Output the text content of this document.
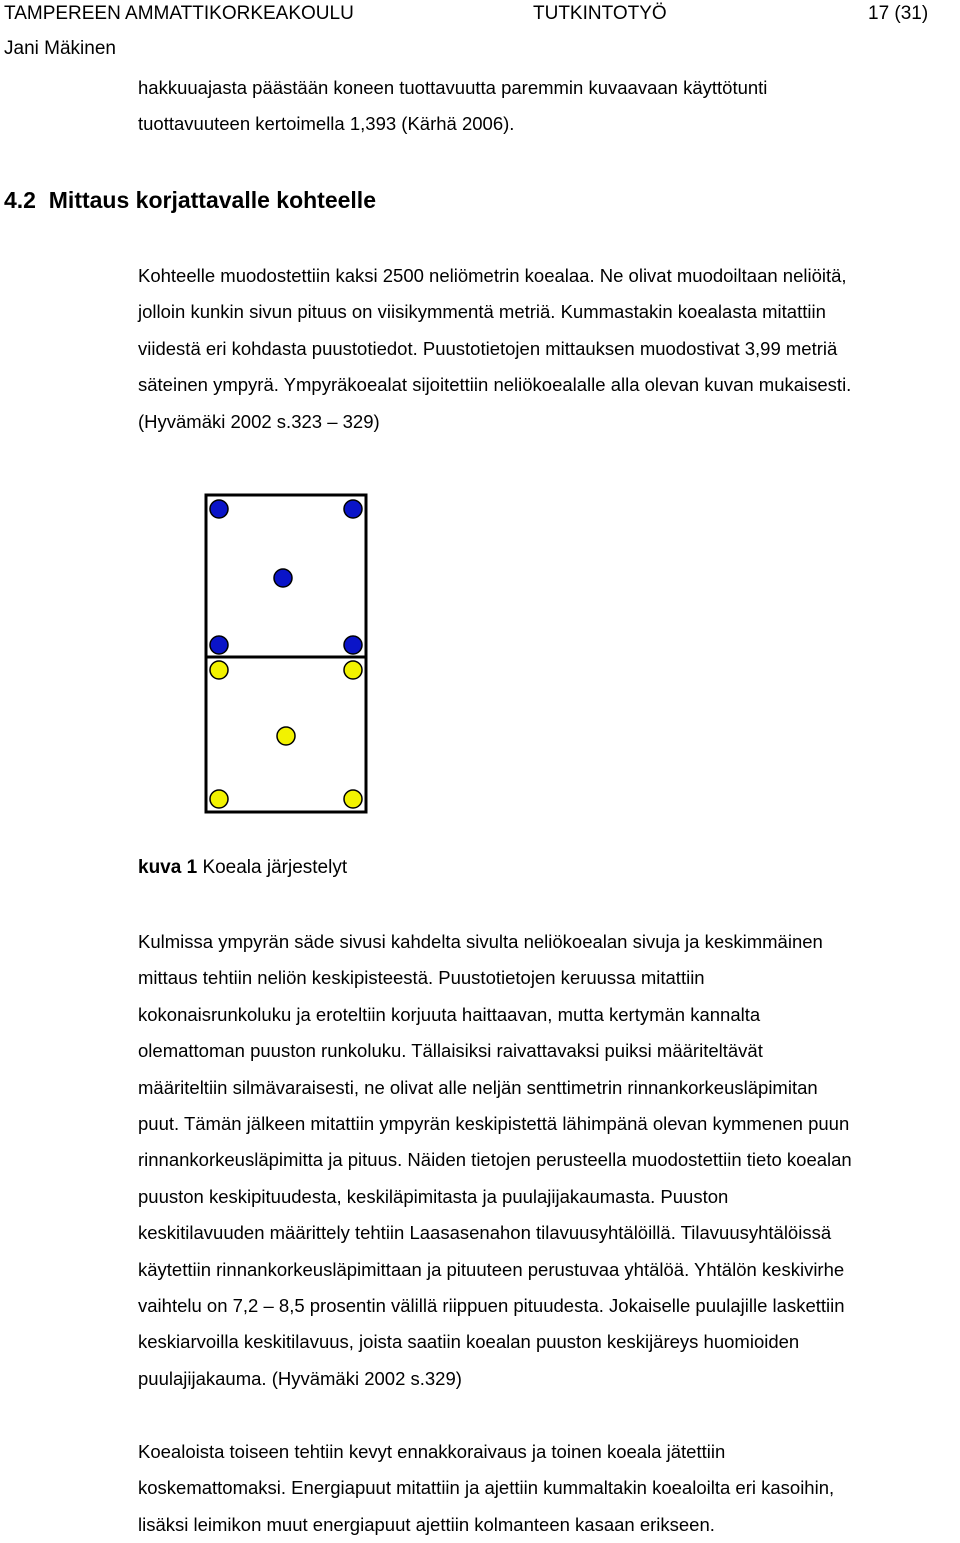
TAMPEREEN AMMATTIKORKEAKOULU	TUTKINTOTYÖ	17 (31)
Jani Mäkinen
hakkuuajasta päästään koneen tuottavuutta paremmin kuvaavaan käyttötunti
tuottavuuteen kertoimella 1,393 (Kärhä 2006).
4.2 Mittaus korjattavalle kohteelle
Kohteelle muodostettiin kaksi 2500 neliömetrin koealaa. Ne olivat muodoiltaan neliöitä,
jolloin kunkin sivun pituus on viisikymmentä metriä. Kummastakin koealasta mitattiin
viidestä eri kohdasta puustotiedot. Puustotietojen mittauksen muodostivat 3,99 metriä
säteinen ympyrä. Ympyräkoealat sijoitettiin neliökoealalle alla olevan kuvan mukaisesti.
(Hyvämäki 2002 s.323 – 329)
kuva 1 Koeala järjestelyt
Kulmissa ympyrän säde sivusi kahdelta sivulta neliökoealan sivuja ja keskimmäinen
mittaus tehtiin neliön keskipisteestä. Puustotietojen keruussa mitattiin
kokonaisrunkoluku ja eroteltiin korjuuta haittaavan, mutta kertymän kannalta
olemattoman puuston runkoluku. Tällaisiksi raivattavaksi puiksi määriteltävät
määriteltiin silmävaraisesti, ne olivat alle neljän senttimetrin rinnankorkeusläpimitan
puut. Tämän jälkeen mitattiin ympyrän keskipistettä lähimpänä olevan kymmenen puun
rinnankorkeusläpimitta ja pituus. Näiden tietojen perusteella muodostettiin tieto koealan
puuston keskipituudesta, keskiläpimitasta ja puulajijakaumasta. Puuston
keskitilavuuden määrittely tehtiin Laasasenahon tilavuusyhtälöillä. Tilavuusyhtälöissä
käytettiin rinnankorkeusläpimittaan ja pituuteen perustuvaa yhtälöä. Yhtälön keskivirhe
vaihtelu on 7,2 – 8,5 prosentin välillä riippuen pituudesta. Jokaiselle puulajille laskettiin
keskiarvoilla keskitilavuus, joista saatiin koealan puuston keskijäreys huomioiden
puulajijakauma. (Hyvämäki 2002 s.329)
Koealoista toiseen tehtiin kevyt ennakkoraivaus ja toinen koeala jätettiin
koskemattomaksi. Energiapuut mitattiin ja ajettiin kummaltakin koealoilta eri kasoihin,
lisäksi leimikon muut energiapuut ajettiin kolmanteen kasaan erikseen.
